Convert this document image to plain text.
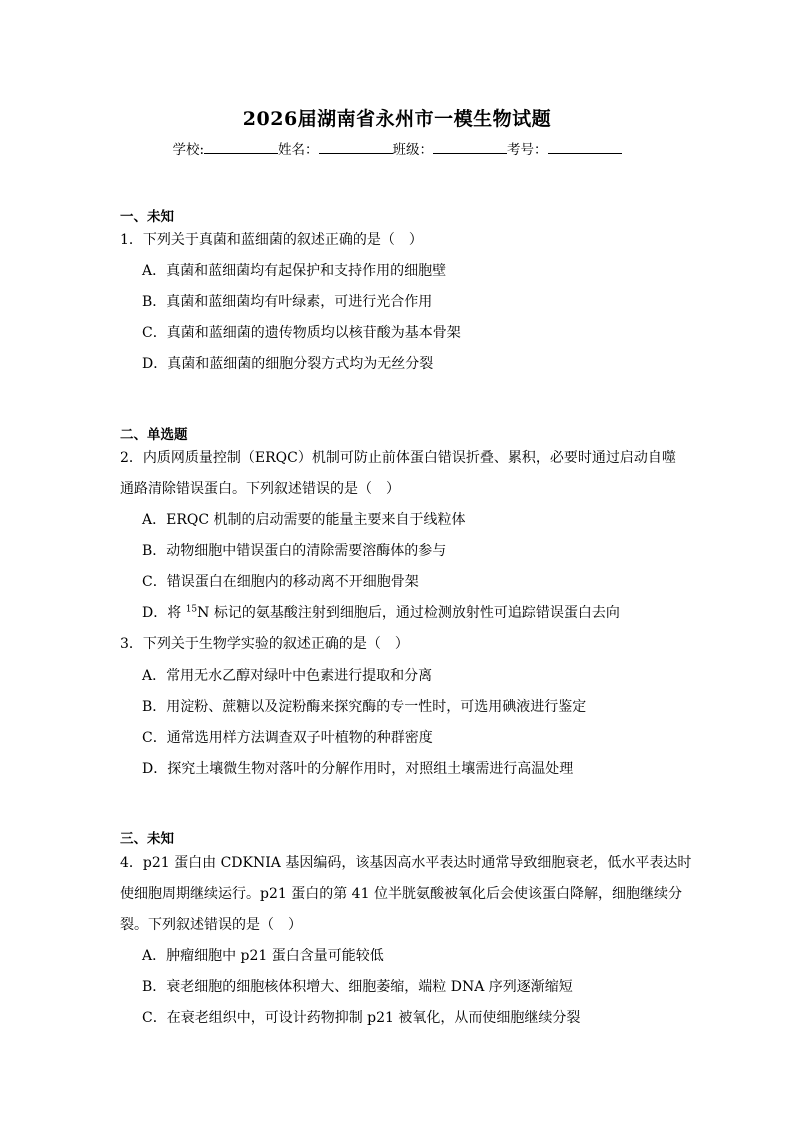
2026届湖南省永州市一模生物试题
学校:	姓名：	班级：	考号：
一、未知
1．下列关于真菌和蓝细菌的叙述正确的是（　）
A．真菌和蓝细菌均有起保护和支持作用的细胞壁
B．真菌和蓝细菌均有叶绿素，可进行光合作用
C．真菌和蓝细菌的遗传物质均以核苷酸为基本骨架
D．真菌和蓝细菌的细胞分裂方式均为无丝分裂
二、单选题
2．内质网质量控制（ERQC）机制可防止前体蛋白错误折叠、累积，必要时通过启动自噬
通路清除错误蛋白。下列叙述错误的是（　）
A．ERQC 机制的启动需要的能量主要来自于线粒体
B．动物细胞中错误蛋白的清除需要溶酶体的参与
C．错误蛋白在细胞内的移动离不开细胞骨架
D．将 $^{15}$N 标记的氨基酸注射到细胞后，通过检测放射性可追踪错误蛋白去向
3．下列关于生物学实验的叙述正确的是（　）
A．常用无水乙醇对绿叶中色素进行提取和分离
B．用淀粉、蔗糖以及淀粉酶来探究酶的专一性时，可选用碘液进行鉴定
C．通常选用样方法调查双子叶植物的种群密度
D．探究土壤微生物对落叶的分解作用时，对照组土壤需进行高温处理
三、未知
4．p21 蛋白由 CDKNIA 基因编码，该基因高水平表达时通常导致细胞衰老，低水平表达时
使细胞周期继续运行。p21 蛋白的第 41 位半胱氨酸被氧化后会使该蛋白降解，细胞继续分
裂。下列叙述错误的是（　）
A．肿瘤细胞中 p21 蛋白含量可能较低
B．衰老细胞的细胞核体积增大、细胞萎缩，端粒 DNA 序列逐渐缩短
C．在衰老组织中，可设计药物抑制 p21 被氧化，从而使细胞继续分裂
